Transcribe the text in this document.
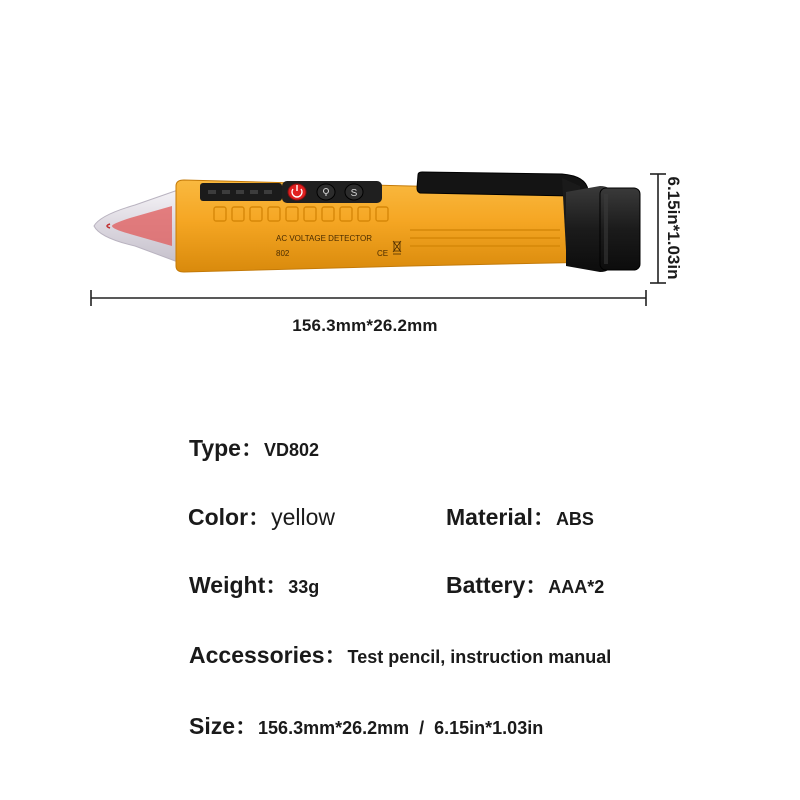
S
AC VOLTAGE DETECTOR
802	CE
156.3mm*26.2mm
6.15in*1.03in
Type：VD802
Color：yellow	Material：ABS
Weight：33g	Battery：AAA*2
Accessories：Test pencil, instruction manual
Size：156.3mm*26.2mm  /  6.15in*1.03in
